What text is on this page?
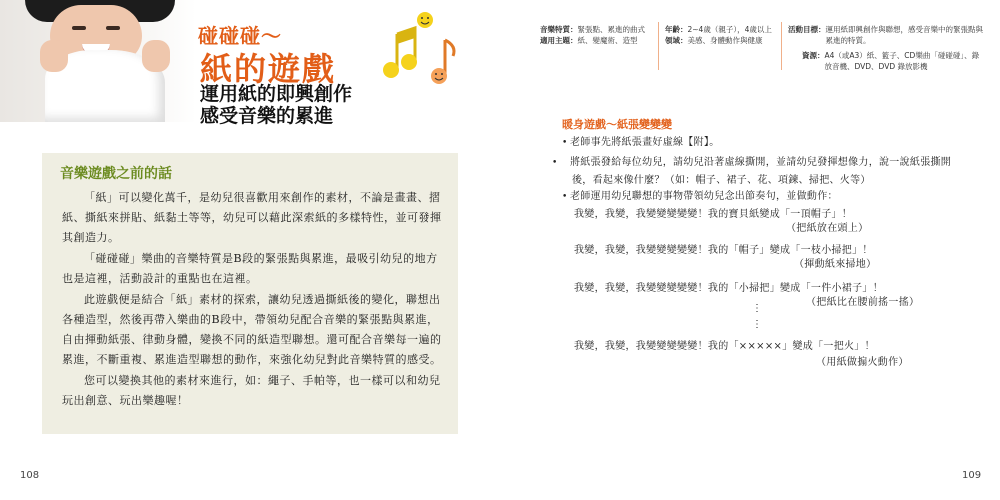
碰碰碰～
紙的遊戲
運用紙的即興創作
感受音樂的累進
音樂遊戲之前的話

「紙」可以變化萬千，是幼兒很喜歡用來創作的素材，不論是畫畫、摺紙、撕紙來拼貼、紙黏土等等，幼兒可以藉此深索紙的多樣特性，並可發揮其創造力。

「碰碰碰」樂曲的音樂特質是B段的緊張點與累進，最吸引幼兒的地方也是這裡，活動設計的重點也在這裡。

此遊戲便是結合「紙」素材的探索，讓幼兒透過撕紙後的變化，聯想出各種造型，然後再帶入樂曲的B段中，帶領幼兒配合音樂的緊張點與累進，自由揮動紙張、律動身體，變換不同的紙造型聯想。還可配合音樂每一遍的累進，不斷重複、累進造型聯想的動作，來強化幼兒對此音樂特質的感受。

您可以變換其他的素材來進行，如：繩子、手帕等，也一樣可以和幼兒玩出創意、玩出樂趣喔！

108
音樂特質：緊張點、累進的曲式
適用主題：紙、變魔術、造型
年齡：2∼4歲（親子），4歲以上
領域：美感、身體動作與健康
活動目標： 運用紙即興創作與聯想，感受音樂中的緊張點與累進的特質。
資源： A4（或A3）紙、籃子、CD樂曲「碰碰碰」、錄放音機、DVD、DVD 錄放影機
暖身遊戲～紙張變變變
• 老師事先將紙張畫好虛線【附】。
• 將紙張發給每位幼兒，請幼兒沿著虛線撕開，並請幼兒發揮想像力，說一說紙張撕開後，看起來像什麼？（如：帽子、裙子、花、項鍊、掃把、火等）
• 老師運用幼兒聯想的事物帶領幼兒念出節奏句，並做動作：
我變，我變，我變變變變變！我的寶貝紙變成「一頂帽子」！
（把紙放在頭上）
我變，我變，我變變變變變！我的「帽子」變成「一枝小掃把」！
（揮動紙來掃地）
我變，我變，我變變變變變！我的「小掃把」變成「一件小裙子」！
（把紙比在腰前搖一搖）
⋮
⋮
我變，我變，我變變變變變！我的「×××××」變成「一把火」！
（用紙做搧火動作）
109
